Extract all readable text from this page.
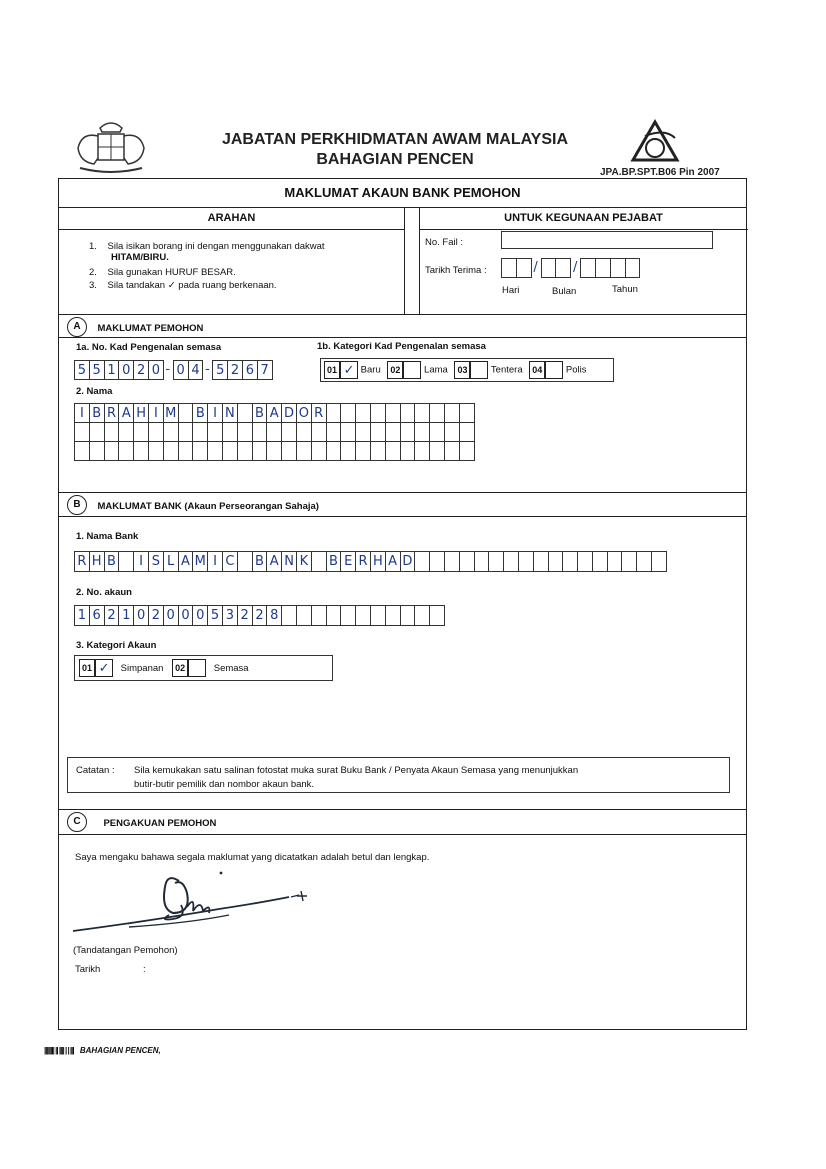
JABATAN PERKHIDMATAN AWAM MALAYSIA
BAHAGIAN PENCEN
JPA.BP.SPT.B06 Pin 2007
MAKLUMAT AKAUN BANK PEMOHON
ARAHAN	UNTUK KEGUNAAN PEJABAT
1. Sila isikan borang ini dengan menggunakan dakwat
HITAM/BIRU.
2. Sila gunakan HURUF BESAR.
3. Sila tandakan ✓ pada ruang berkenaan.
No. Fail :
Tarikh Terima :	/	/
Hari	Bulan	Tahun
A MAKLUMAT PEMOHON
1a. No. Kad Pengenalan semasa
5 5 1 0 2 0 - 0 4 - 5 2 6 7
1b. Kategori Kad Pengenalan semasa
01 ✓ Baru 02 Lama 03 Tentera 04 Polis
2. Nama
I B R A H I M B I N B A D O R
B MAKLUMAT BANK (Akaun Perseorangan Sahaja)
1. Nama Bank
R H B	I S L A M I C B A N K B E R H A D
2. No. akaun
1 6 2 1 0 2 0 0 0 5 3 2 2 8
3. Kategori Akaun
01 ✓ Simpanan 02	Semasa
Catatan : Sila kemukakan satu salinan fotostat muka surat Buku Bank / Penyata Akaun Semasa yang menunjukkan
butir-butir pemilik dan nombor akaun bank.
C PENGAKUAN PEMOHON
Saya mengaku bahawa segala maklumat yang dicatatkan adalah betul dan lengkap.
(Tandatangan Pemohon)
Tarikh	:
|||||||| || |||| | | ||| BAHAGIAN PENCEN,
